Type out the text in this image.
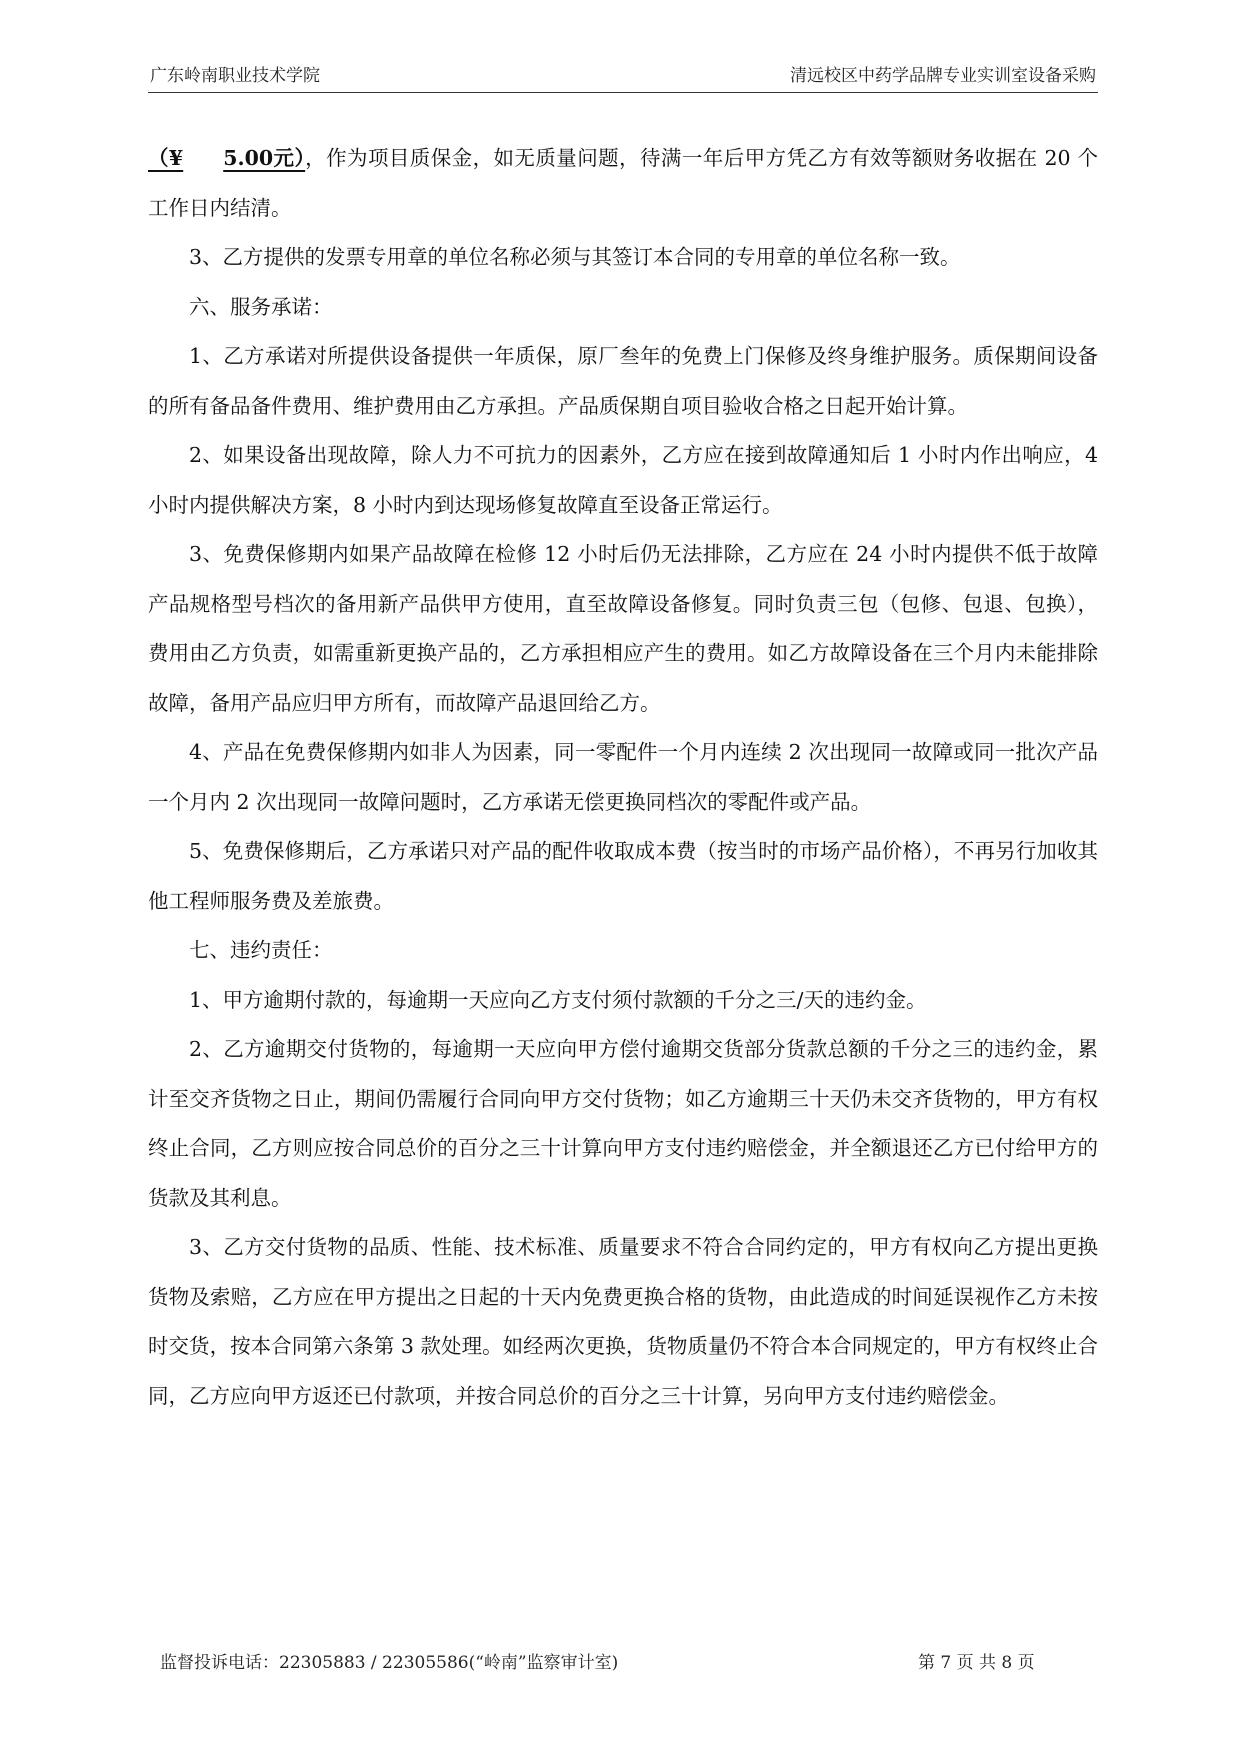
广东岭南职业技术学院	清远校区中药学品牌专业实训室设备采购

（¥ 5.00元），作为项目质保金，如无质量问题，待满一年后甲方凭乙方有效等额财务收据在 20 个工作日内结清。

3、乙方提供的发票专用章的单位名称必须与其签订本合同的专用章的单位名称一致。

六、服务承诺：

1、乙方承诺对所提供设备提供一年质保，原厂叁年的免费上门保修及终身维护服务。质保期间设备的所有备品备件费用、维护费用由乙方承担。产品质保期自项目验收合格之日起开始计算。

2、如果设备出现故障，除人力不可抗力的因素外，乙方应在接到故障通知后 1 小时内作出响应，4 小时内提供解决方案，8 小时内到达现场修复故障直至设备正常运行。

3、免费保修期内如果产品故障在检修 12 小时后仍无法排除，乙方应在 24 小时内提供不低于故障产品规格型号档次的备用新产品供甲方使用，直至故障设备修复。同时负责三包（包修、包退、包换），费用由乙方负责，如需重新更换产品的，乙方承担相应产生的费用。如乙方故障设备在三个月内未能排除故障，备用产品应归甲方所有，而故障产品退回给乙方。

4、产品在免费保修期内如非人为因素，同一零配件一个月内连续 2 次出现同一故障或同一批次产品一个月内 2 次出现同一故障问题时，乙方承诺无偿更换同档次的零配件或产品。

5、免费保修期后，乙方承诺只对产品的配件收取成本费（按当时的市场产品价格），不再另行加收其他工程师服务费及差旅费。

七、违约责任：

1、甲方逾期付款的，每逾期一天应向乙方支付须付款额的千分之三/天的违约金。

2、乙方逾期交付货物的，每逾期一天应向甲方偿付逾期交货部分货款总额的千分之三的违约金，累计至交齐货物之日止，期间仍需履行合同向甲方交付货物；如乙方逾期三十天仍未交齐货物的，甲方有权终止合同，乙方则应按合同总价的百分之三十计算向甲方支付违约赔偿金，并全额退还乙方已付给甲方的货款及其利息。

3、乙方交付货物的品质、性能、技术标准、质量要求不符合合同约定的，甲方有权向乙方提出更换货物及索赔，乙方应在甲方提出之日起的十天内免费更换合格的货物，由此造成的时间延误视作乙方未按时交货，按本合同第六条第 3 款处理。如经两次更换，货物质量仍不符合本合同规定的，甲方有权终止合同，乙方应向甲方返还已付款项，并按合同总价的百分之三十计算，另向甲方支付违约赔偿金。

监督投诉电话：22305883 / 22305586(“岭南”监察审计室)	第 7 页 共 8 页
